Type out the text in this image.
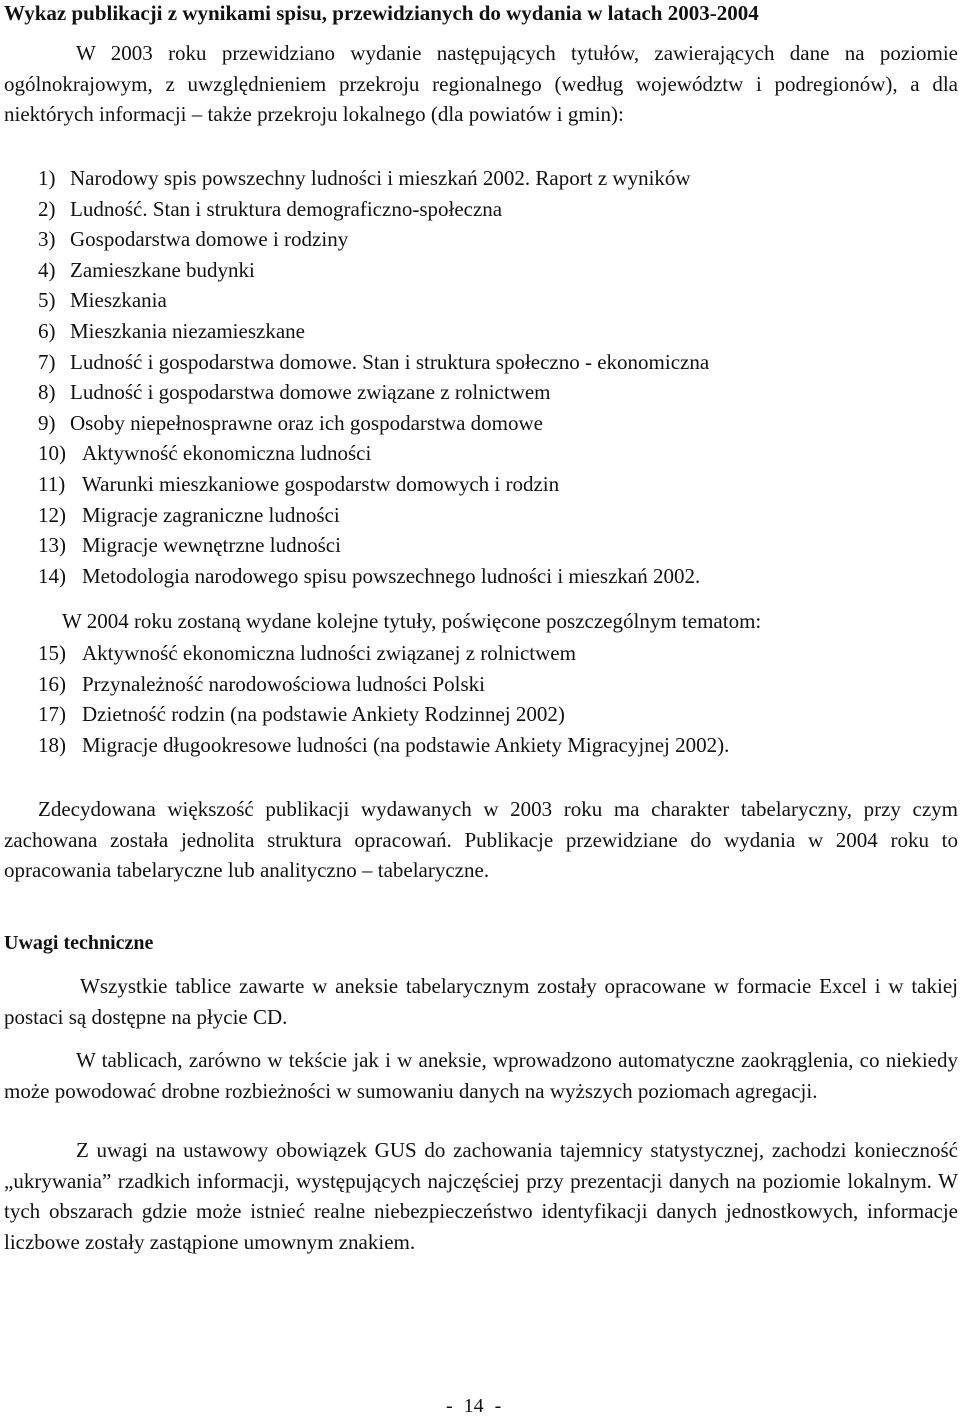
Wykaz publikacji z wynikami spisu, przewidzianych do wydania w latach 2003-2004

W 2003 roku przewidziano wydanie następujących tytułów, zawierających dane na poziomie ogólnokrajowym, z uwzględnieniem przekroju regionalnego (według województw i podregionów), a dla niektórych informacji – także przekroju lokalnego (dla powiatów i gmin):

1) Narodowy spis powszechny ludności i mieszkań 2002. Raport z wyników
2) Ludność. Stan i struktura demograficzno-społeczna
3) Gospodarstwa domowe i rodziny
4) Zamieszkane budynki
5) Mieszkania
6) Mieszkania niezamieszkane
7) Ludność i gospodarstwa domowe. Stan i struktura społeczno - ekonomiczna
8) Ludność i gospodarstwa domowe związane z rolnictwem
9) Osoby niepełnosprawne oraz ich gospodarstwa domowe
10) Aktywność ekonomiczna ludności
11) Warunki mieszkaniowe gospodarstw domowych i rodzin
12) Migracje zagraniczne ludności
13) Migracje wewnętrzne ludności
14) Metodologia narodowego spisu powszechnego ludności i mieszkań 2002.
W 2004 roku zostaną wydane kolejne tytuły, poświęcone poszczególnym tematom:
15) Aktywność ekonomiczna ludności związanej z rolnictwem
16) Przynależność narodowościowa ludności Polski
17) Dzietność rodzin (na podstawie Ankiety Rodzinnej 2002)
18) Migracje długookresowe ludności (na podstawie Ankiety Migracyjnej 2002).

Zdecydowana większość publikacji wydawanych w 2003 roku ma charakter tabelaryczny, przy czym zachowana została jednolita struktura opracowań. Publikacje przewidziane do wydania w 2004 roku to opracowania tabelaryczne lub analityczno – tabelaryczne.

Uwagi techniczne

Wszystkie tablice zawarte w aneksie tabelarycznym zostały opracowane w formacie Excel i w takiej postaci są dostępne na płycie CD.

W tablicach, zarówno w tekście jak i w aneksie, wprowadzono automatyczne zaokrąglenia, co niekiedy może powodować drobne rozbieżności w sumowaniu danych na wyższych poziomach agregacji.

Z uwagi na ustawowy obowiązek GUS do zachowania tajemnicy statystycznej, zachodzi konieczność „ukrywania” rzadkich informacji, występujących najczęściej przy prezentacji danych na poziomie lokalnym. W tych obszarach gdzie może istnieć realne niebezpieczeństwo identyfikacji danych jednostkowych, informacje liczbowe zostały zastąpione umownym znakiem.

- 14 -
